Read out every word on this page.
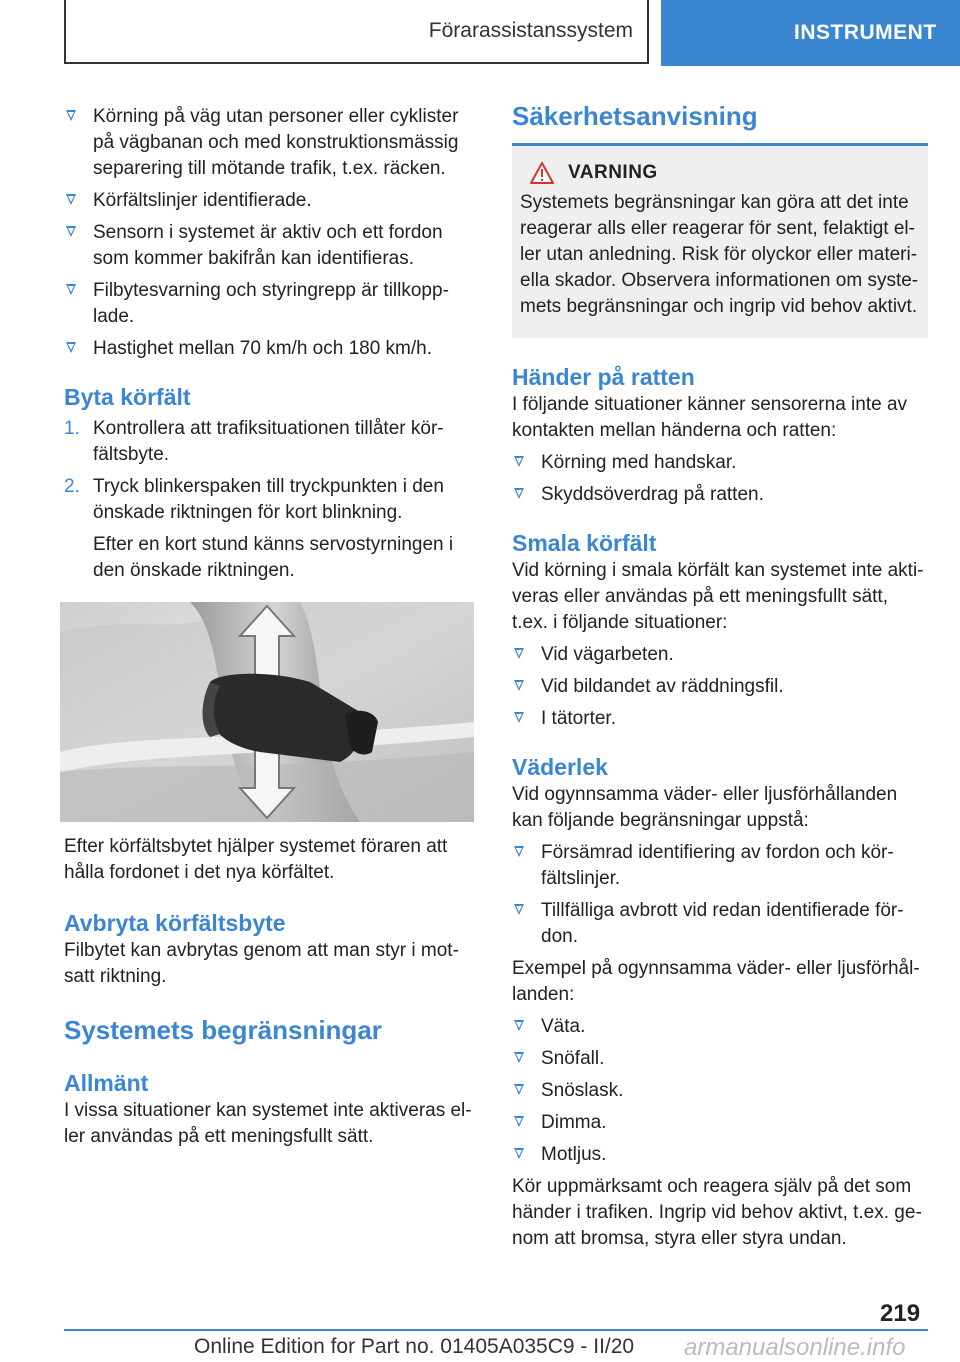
Förarassistanssystem	INSTRUMENT
Körning på väg utan personer eller cyklister på vägbanan och med konstruktionsmässig separering till mötande trafik, t.ex. räcken.
Körfältslinjer identifierade.
Sensorn i systemet är aktiv och ett fordon som kommer bakifrån kan identifieras.
Filbytesvarning och styringrepp är tillkopplade.
Hastighet mellan 70 km/h och 180 km/h.
Byta körfält
1. Kontrollera att trafiksituationen tillåter körfältsbyte.
2. Tryck blinkerspaken till tryckpunkten i den önskade riktningen för kort blinkning.
Efter en kort stund känns servostyrningen i den önskade riktningen.
Efter körfältsbytet hjälper systemet föraren att hålla fordonet i det nya körfältet.
Avbryta körfältsbyte
Filbytet kan avbrytas genom att man styr i motsatt riktning.
Systemets begränsningar
Allmänt
I vissa situationer kan systemet inte aktiveras eller användas på ett meningsfullt sätt.
Säkerhetsanvisning
VARNING
Systemets begränsningar kan göra att det inte reagerar alls eller reagerar för sent, felaktigt eller utan anledning. Risk för olyckor eller materiella skador. Observera informationen om systemets begränsningar och ingrip vid behov aktivt.
Händer på ratten
I följande situationer känner sensorerna inte av kontakten mellan händerna och ratten:
Körning med handskar.
Skyddsöverdrag på ratten.
Smala körfält
Vid körning i smala körfält kan systemet inte aktiveras eller användas på ett meningsfullt sätt, t.ex. i följande situationer:
Vid vägarbeten.
Vid bildandet av räddningsfil.
I tätorter.
Väderlek
Vid ogynnsamma väder- eller ljusförhållanden kan följande begränsningar uppstå:
Försämrad identifiering av fordon och körfältslinjer.
Tillfälliga avbrott vid redan identifierade fördon.
Exempel på ogynnsamma väder- eller ljusförhållanden:
Väta.
Snöfall.
Snöslask.
Dimma.
Motljus.
Kör uppmärksamt och reagera själv på det som händer i trafiken. Ingrip vid behov aktivt, t.ex. genom att bromsa, styra eller styra undan.
219
Online Edition for Part no. 01405A035C9 - II/20 armanualsonline.info
